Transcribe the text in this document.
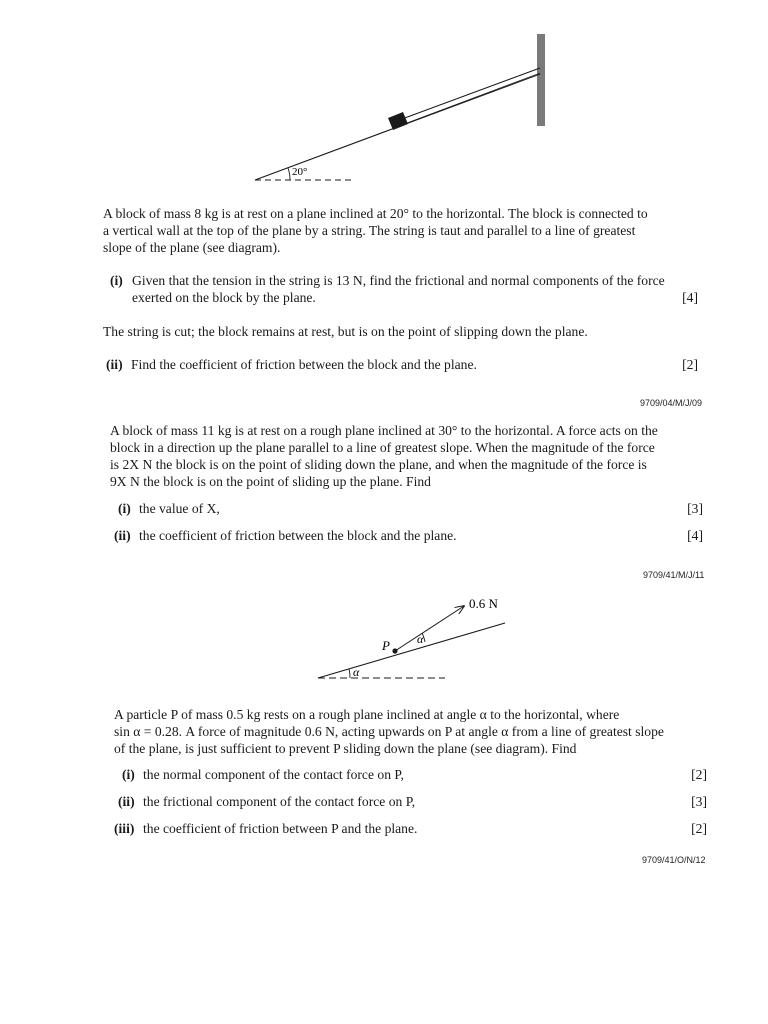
20°
A block of mass 8 kg is at rest on a plane inclined at 20° to the horizontal. The block is connected to
a vertical wall at the top of the plane by a string. The string is taut and parallel to a line of greatest
slope of the plane (see diagram).
(i) Given that the tension in the string is 13 N, find the frictional and normal components of the force
exerted on the block by the plane.	[4]
The string is cut; the block remains at rest, but is on the point of slipping down the plane.
(ii) Find the coefficient of friction between the block and the plane.	[2]
9709/04/M/J/09
A block of mass 11 kg is at rest on a rough plane inclined at 30° to the horizontal. A force acts on the
block in a direction up the plane parallel to a line of greatest slope. When the magnitude of the force
is 2X N the block is on the point of sliding down the plane, and when the magnitude of the force is
9X N the block is on the point of sliding up the plane. Find
(i) the value of X,	[3]
(ii) the coefficient of friction between the block and the plane.	[4]
9709/41/M/J/11
α
α
P
0.6 N
A particle P of mass 0.5 kg rests on a rough plane inclined at angle α to the horizontal, where
sin α = 0.28. A force of magnitude 0.6 N, acting upwards on P at angle α from a line of greatest slope
of the plane, is just sufficient to prevent P sliding down the plane (see diagram). Find
(i) the normal component of the contact force on P,	[2]
(ii) the frictional component of the contact force on P,	[3]
(iii) the coefficient of friction between P and the plane.	[2]
9709/41/O/N/12
